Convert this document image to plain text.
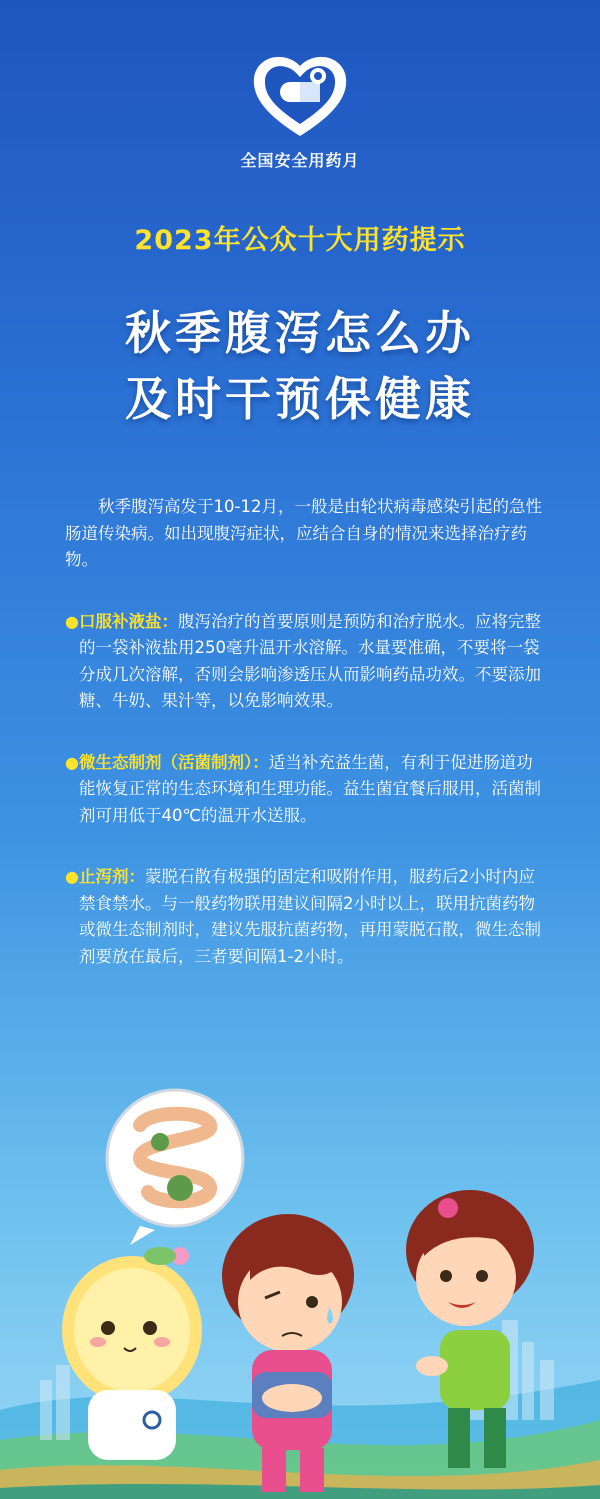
全国安全用药月
2023年公众十大用药提示
秋季腹泻怎么办
及时干预保健康

秋季腹泻高发于10-12月，一般是由轮状病毒感染引起的急性肠道传染病。如出现腹泻症状，应结合自身的情况来选择治疗药物。

● 口服补液盐：腹泻治疗的首要原则是预防和治疗脱水。应将完整的一袋补液盐用250毫升温开水溶解。水量要准确，不要将一袋分成几次溶解，否则会影响渗透压从而影响药品功效。不要添加糖、牛奶、果汁等，以免影响效果。
● 微生态制剂（活菌制剂）：适当补充益生菌，有利于促进肠道功能恢复正常的生态环境和生理功能。益生菌宜餐后服用，活菌制剂可用低于40℃的温开水送服。
● 止泻剂：蒙脱石散有极强的固定和吸附作用，服药后2小时内应禁食禁水。与一般药物联用建议间隔2小时以上，联用抗菌药物或微生态制剂时，建议先服抗菌药物，再用蒙脱石散，微生态制剂要放在最后，三者要间隔1-2小时。
